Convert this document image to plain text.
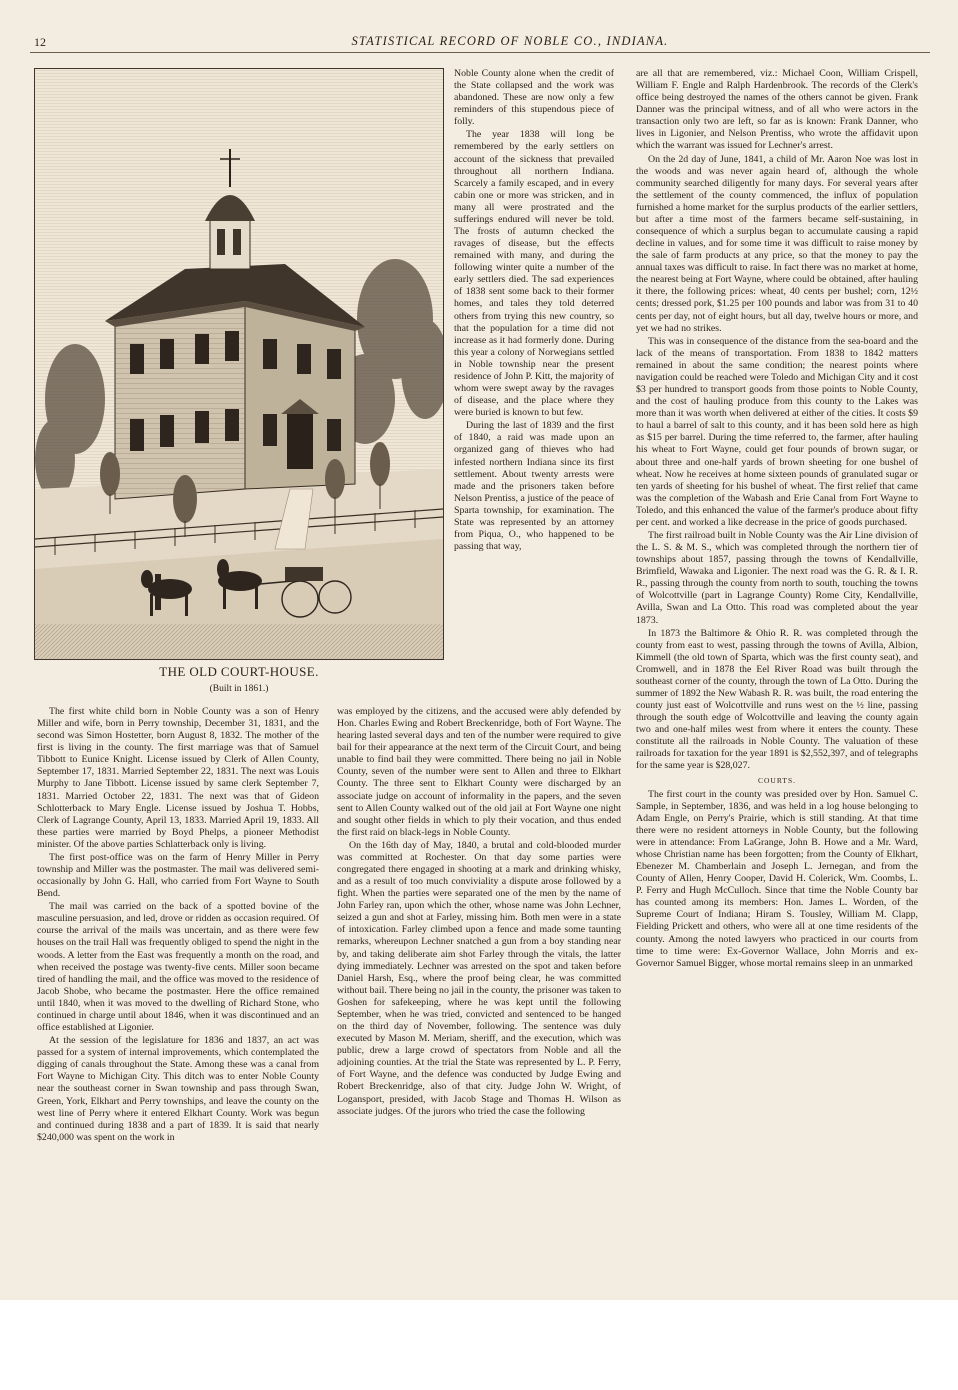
12	STATISTICAL RECORD OF NOBLE CO., INDIANA.
THE OLD COURT-HOUSE.
(Built in 1861.)

Noble County alone when the credit of the State collapsed and the work was abandoned. These are now only a few reminders of this stupendous piece of folly.

The year 1838 will long be remembered by the early settlers on account of the sickness that prevailed throughout all northern Indiana. Scarcely a family escaped, and in every cabin one or more was stricken, and in many all were prostrated and the sufferings endured will never be told. The frosts of autumn checked the ravages of disease, but the effects remained with many, and during the following winter quite a number of the early settlers died. The sad experiences of 1838 sent some back to their former homes, and tales they told deterred others from trying this new country, so that the population for a time did not increase as it had formerly done. During this year a colony of Norwegians settled in Noble township near the present residence of John P. Kitt, the majority of whom were swept away by the ravages of disease, and the place where they were buried is known to but few.

During the last of 1839 and the first of 1840, a raid was made upon an organized gang of thieves who had infested northern Indiana since its first settlement. About twenty arrests were made and the prisoners taken before Nelson Prentiss, a justice of the peace of Sparta township, for examination. The State was represented by an attorney from Piqua, O., who happened to be passing that way,

The first white child born in Noble County was a son of Henry Miller and wife, born in Perry township, December 31, 1831, and the second was Simon Hostetter, born August 8, 1832. The mother of the first is living in the county. The first marriage was that of Samuel Tibbott to Eunice Knight. License issued by Clerk of Allen County, September 17, 1831. Married September 22, 1831. The next was Louis Murphy to Jane Tibbott. License issued by same clerk September 7, 1831. Married October 22, 1831. The next was that of Gideon Schlotterback to Mary Engle. License issued by Joshua T. Hobbs, Clerk of Lagrange County, April 13, 1833. Married April 19, 1833. All these parties were married by Boyd Phelps, a pioneer Methodist minister. Of the above parties Schlatterback only is living.

The first post-office was on the farm of Henry Miller in Perry township and Miller was the postmaster. The mail was delivered semi-occasionally by John G. Hall, who carried from Fort Wayne to South Bend.

The mail was carried on the back of a spotted bovine of the masculine persuasion, and led, drove or ridden as occasion required. Of course the arrival of the mails was uncertain, and as there were few houses on the trail Hall was frequently obliged to spend the night in the woods. A letter from the East was frequently a month on the road, and when received the postage was twenty-five cents. Miller soon became tired of handling the mail, and the office was moved to the residence of Jacob Shobe, who became the postmaster. Here the office remained until 1840, when it was moved to the dwelling of Richard Stone, who continued in charge until about 1846, when it was discontinued and an office established at Ligonier.

At the session of the legislature for 1836 and 1837, an act was passed for a system of internal improvements, which contemplated the digging of canals throughout the State. Among these was a canal from Fort Wayne to Michigan City. This ditch was to enter Noble County near the southeast corner in Swan township and pass through Swan, Green, York, Elkhart and Perry townships, and leave the county on the west line of Perry where it entered Elkhart County. Work was begun and continued during 1838 and a part of 1839. It is said that nearly $240,000 was spent on the work in

was employed by the citizens, and the accused were ably defended by Hon. Charles Ewing and Robert Breckenridge, both of Fort Wayne. The hearing lasted several days and ten of the number were required to give bail for their appearance at the next term of the Circuit Court, and being unable to find bail they were committed. There being no jail in Noble County, seven of the number were sent to Allen and three to Elkhart County. The three sent to Elkhart County were discharged by an associate judge on account of informality in the papers, and the seven sent to Allen County walked out of the old jail at Fort Wayne one night and sought other fields in which to ply their vocation, and thus ended the first raid on black-legs in Noble County.

On the 16th day of May, 1840, a brutal and cold-blooded murder was committed at Rochester. On that day some parties were congregated there engaged in shooting at a mark and drinking whisky, and as a result of too much conviviality a dispute arose followed by a fight. When the parties were separated one of the men by the name of John Farley ran, upon which the other, whose name was John Lechner, seized a gun and shot at Farley, missing him. Both men were in a state of intoxication. Farley climbed upon a fence and made some taunting remarks, whereupon Lechner snatched a gun from a boy standing near by, and taking deliberate aim shot Farley through the vitals, the latter dying immediately. Lechner was arrested on the spot and taken before Daniel Harsh, Esq., where the proof being clear, he was committed without bail. There being no jail in the county, the prisoner was taken to Goshen for safekeeping, where he was kept until the following September, when he was tried, convicted and sentenced to be hanged on the third day of November, following. The sentence was duly executed by Mason M. Meriam, sheriff, and the execution, which was public, drew a large crowd of spectators from Noble and all the adjoining counties. At the trial the State was represented by L. P. Ferry, of Fort Wayne, and the defence was conducted by Judge Ewing and Robert Breckenridge, also of that city. Judge John W. Wright, of Logansport, presided, with Jacob Stage and Thomas H. Wilson as associate judges. Of the jurors who tried the case the following

are all that are remembered, viz.: Michael Coon, William Crispell, William F. Engle and Ralph Hardenbrook. The records of the Clerk's office being destroyed the names of the others cannot be given. Frank Danner was the principal witness, and of all who were actors in the transaction only two are left, so far as is known: Frank Danner, who lives in Ligonier, and Nelson Prentiss, who wrote the affidavit upon which the warrant was issued for Lechner's arrest.

On the 2d day of June, 1841, a child of Mr. Aaron Noe was lost in the woods and was never again heard of, although the whole community searched diligently for many days. For several years after the settlement of the county commenced, the influx of population furnished a home market for the surplus products of the earlier settlers, but after a time most of the farmers became self-sustaining, in consequence of which a surplus began to accumulate causing a rapid decline in values, and for some time it was difficult to raise money by the sale of farm products at any price, so that the money to pay the annual taxes was difficult to raise. In fact there was no market at home, the nearest being at Fort Wayne, where could be obtained, after hauling it there, the following prices: wheat, 40 cents per bushel; corn, 12½ cents; dressed pork, $1.25 per 100 pounds and labor was from 31 to 40 cents per day, not of eight hours, but all day, twelve hours or more, and yet we had no strikes.

This was in consequence of the distance from the sea-board and the lack of the means of transportation. From 1838 to 1842 matters remained in about the same condition; the nearest points where navigation could be reached were Toledo and Michigan City and it cost $3 per hundred to transport goods from those points to Noble County, and the cost of hauling produce from this county to the Lakes was more than it was worth when delivered at either of the cities. It costs $9 to haul a barrel of salt to this county, and it has been sold here as high as $15 per barrel. During the time referred to, the farmer, after hauling his wheat to Fort Wayne, could get four pounds of brown sugar, or about three and one-half yards of brown sheeting for one bushel of wheat. Now he receives at home sixteen pounds of granulated sugar or ten yards of sheeting for his bushel of wheat. The first relief that came was the completion of the Wabash and Erie Canal from Fort Wayne to Toledo, and this enhanced the value of the farmer's produce about fifty per cent. and worked a like decrease in the price of goods purchased.

The first railroad built in Noble County was the Air Line division of the L. S. & M. S., which was completed through the northern tier of townships about 1857, passing through the towns of Kendallville, Brimfield, Wawaka and Ligonier. The next road was the G. R. & I. R. R., passing through the county from north to south, touching the towns of Wolcottville (part in Lagrange County) Rome City, Kendallville, Avilla, Swan and La Otto. This road was completed about the year 1873.

In 1873 the Baltimore & Ohio R. R. was completed through the county from east to west, passing through the towns of Avilla, Albion, Kimmell (the old town of Sparta, which was the first county seat), and Cromwell, and in 1878 the Eel River Road was built through the southeast corner of the county, through the town of La Otto. During the summer of 1892 the New Wabash R. R. was built, the road entering the county just east of Wolcottville and runs west on the ½ line, passing through the south edge of Wolcottville and leaving the county again two and one-half miles west from where it enters the county. These constitute all the railroads in Noble County. The valuation of these railroads for taxation for the year 1891 is $2,552,397, and of telegraphs for the same year is $28,027.

COURTS.

The first court in the county was presided over by Hon. Samuel C. Sample, in September, 1836, and was held in a log house belonging to Adam Engle, on Perry's Prairie, which is still standing. At that time there were no resident attorneys in Noble County, but the following were in attendance: From LaGrange, John B. Howe and a Mr. Ward, whose Christian name has been forgotten; from the County of Elkhart, Ebenezer M. Chamberlain and Joseph L. Jernegan, and from the County of Allen, Henry Cooper, David H. Colerick, Wm. Coombs, L. P. Ferry and Hugh McCulloch. Since that time the Noble County bar has counted among its members: Hon. James L. Worden, of the Supreme Court of Indiana; Hiram S. Tousley, William M. Clapp, Fielding Prickett and others, who were all at one time residents of the county. Among the noted lawyers who practiced in our courts from time to time were: Ex-Governor Wallace, John Morris and ex-Governor Samuel Bigger, whose mortal remains sleep in an unmarked
